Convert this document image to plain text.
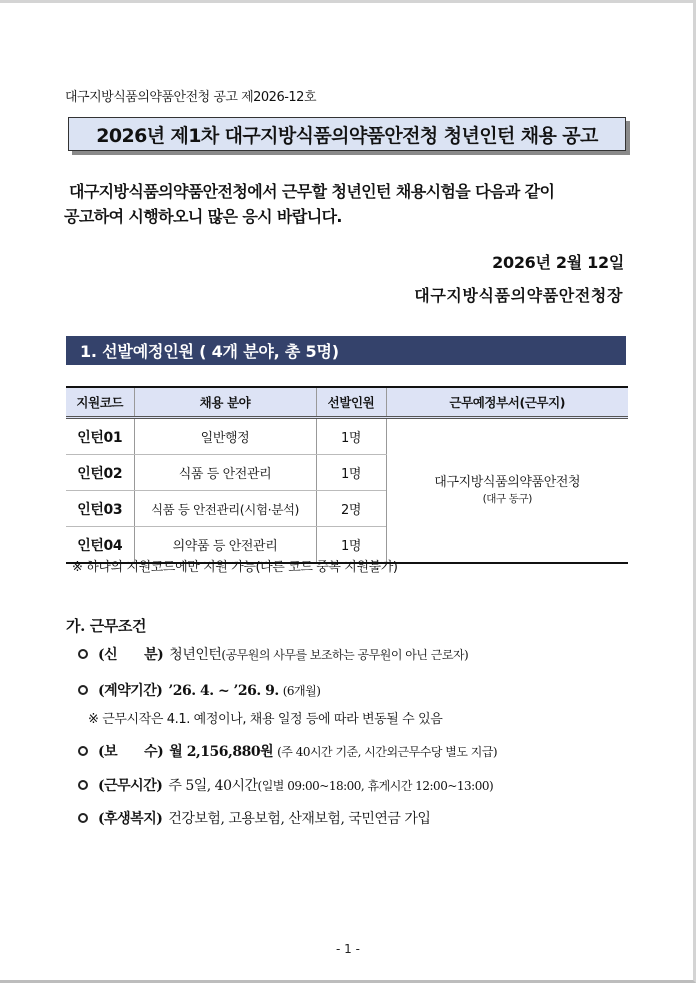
대구지방식품의약품안전청 공고 제2026-12호
2026년 제1차 대구지방식품의약품안전청 청년인턴 채용 공고
대구지방식품의약품안전청에서 근무할 청년인턴 채용시험을 다음과 같이
공고하여 시행하오니 많은 응시 바랍니다.
2026년 2월 12일
대구지방식품의약품안전청장
1. 선발예정인원 ( 4개 분야, 총 5명)
지원코드	채용 분야	선발인원	근무예정부서(근무지)
인턴01	일반행정	1명	대구지방식품의약품안전청
(대구 동구)

인턴02	식품 등 안전관리	1명	
인턴03	식품 등 안전관리(시험·분석)	2명	
인턴04	의약품 등 안전관리	1명	
※ 하나의 지원코드에만 지원 가능(다른 코드 중복 지원불가)
가. 근무조건
(신　　분) 청년인턴(공무원의 사무를 보조하는 공무원이 아닌 근로자)
(계약기간) ’26. 4. ~ ’26. 9. (6개월)
※ 근무시작은 4.1. 예정이나, 채용 일정 등에 따라 변동될 수 있음
(보　　수) 월 2,156,880원 (주 40시간 기준, 시간외근무수당 별도 지급)
(근무시간) 주 5일, 40시간(일별 09:00~18:00, 휴게시간 12:00~13:00)
(후생복지) 건강보험, 고용보험, 산재보험, 국민연금 가입
- 1 -
